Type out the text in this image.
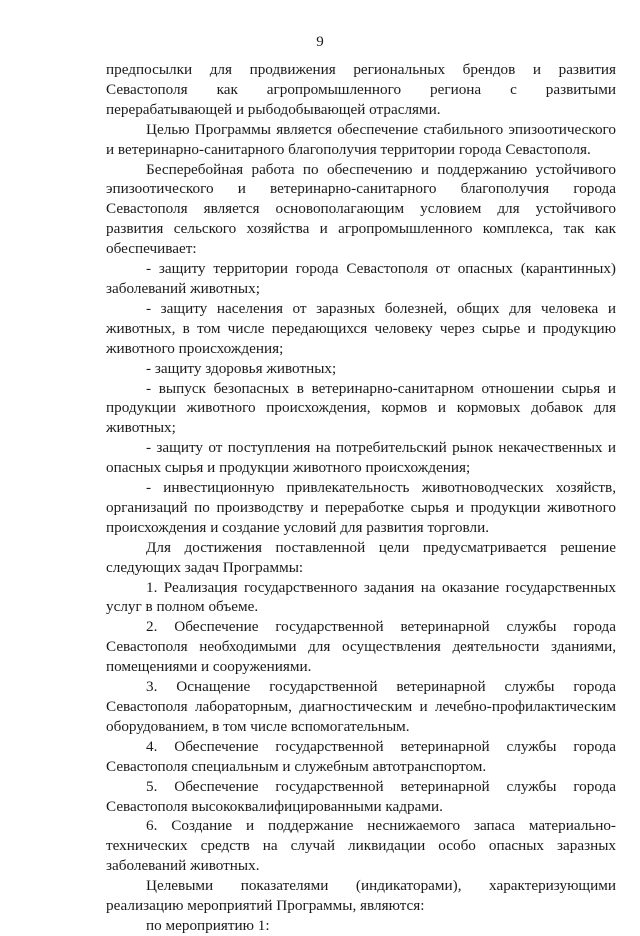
9

предпосылки для продвижения региональных брендов и развития Севастополя как агропромышленного региона с развитыми перерабатывающей и рыбодобывающей отраслями.

Целью Программы является обеспечение стабильного эпизоотического и ветеринарно-санитарного благополучия территории города Севастополя.

Бесперебойная работа по обеспечению и поддержанию устойчивого эпизоотического и ветеринарно-санитарного благополучия города Севастополя является основополагающим условием для устойчивого развития сельского хозяйства и агропромышленного комплекса, так как обеспечивает:

- защиту территории города Севастополя от опасных (карантинных) заболеваний животных;

- защиту населения от заразных болезней, общих для человека и животных, в том числе передающихся человеку через сырье и продукцию животного происхождения;

- защиту здоровья животных;

- выпуск безопасных в ветеринарно-санитарном отношении сырья и продукции животного происхождения, кормов и кормовых добавок для животных;

- защиту от поступления на потребительский рынок некачественных и опасных сырья и продукции животного происхождения;

- инвестиционную привлекательность животноводческих хозяйств, организаций по производству и переработке сырья и продукции животного происхождения и создание условий для развития торговли.

Для достижения поставленной цели предусматривается решение следующих задач Программы:

1. Реализация государственного задания на оказание государственных услуг в полном объеме.

2. Обеспечение государственной ветеринарной службы города Севастополя необходимыми для осуществления деятельности зданиями, помещениями и сооружениями.

3. Оснащение государственной ветеринарной службы города Севастополя лабораторным, диагностическим и лечебно-профилактическим оборудованием, в том числе вспомогательным.

4. Обеспечение государственной ветеринарной службы города Севастополя специальным и служебным автотранспортом.

5. Обеспечение государственной ветеринарной службы города Севастополя высококвалифицированными кадрами.

6. Создание и поддержание неснижаемого запаса материально-технических средств на случай ликвидации особо опасных заразных заболеваний животных.

Целевыми показателями (индикаторами), характеризующими реализацию мероприятий Программы, являются:

по мероприятию 1:
